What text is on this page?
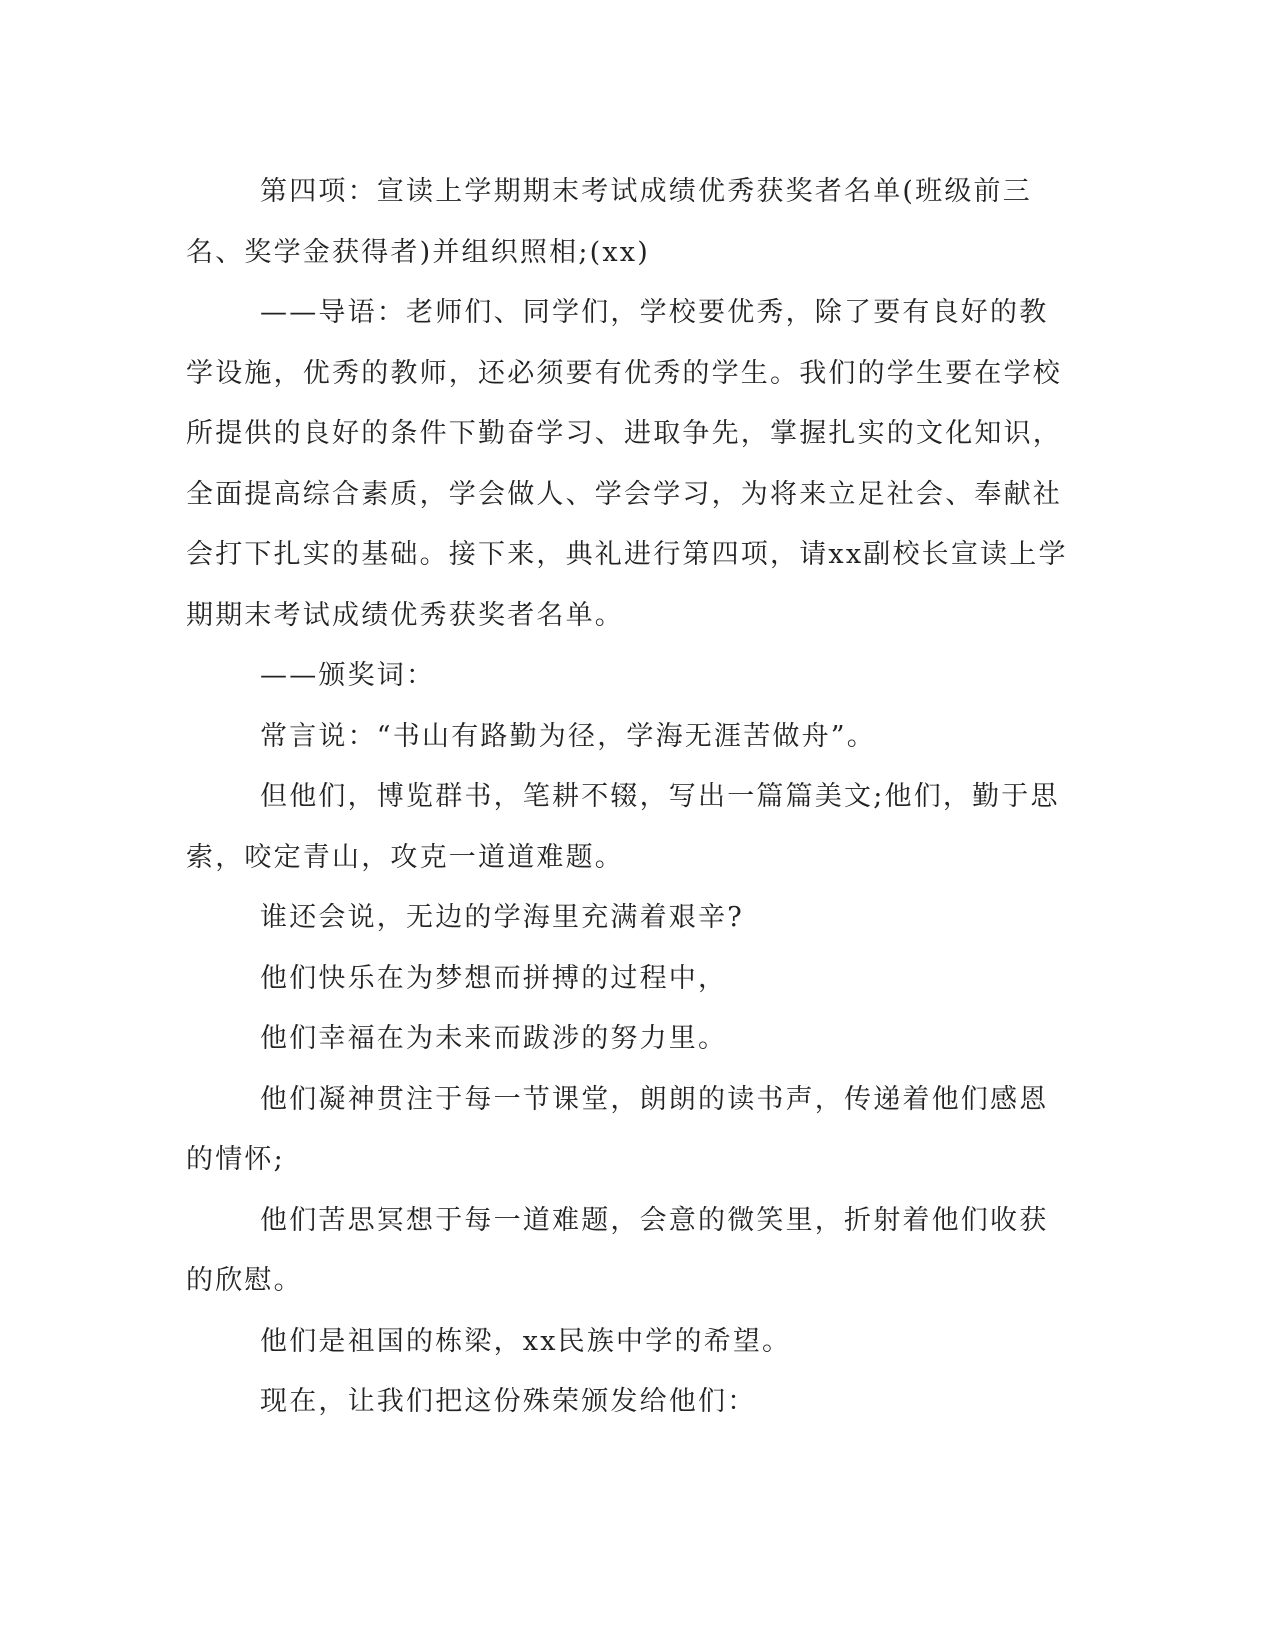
第四项：宣读上学期期末考试成绩优秀获奖者名单(班级前三名、奖学金获得者)并组织照相;(xx)

——导语：老师们、同学们，学校要优秀，除了要有良好的教学设施，优秀的教师，还必须要有优秀的学生。我们的学生要在学校所提供的良好的条件下勤奋学习、进取争先，掌握扎实的文化知识，全面提高综合素质，学会做人、学会学习，为将来立足社会、奉献社会打下扎实的基础。接下来，典礼进行第四项，请xx副校长宣读上学期期末考试成绩优秀获奖者名单。

——颁奖词：

常言说：“书山有路勤为径，学海无涯苦做舟”。

但他们，博览群书，笔耕不辍，写出一篇篇美文;他们，勤于思索，咬定青山，攻克一道道难题。

谁还会说，无边的学海里充满着艰辛?

他们快乐在为梦想而拼搏的过程中，

他们幸福在为未来而跋涉的努力里。

他们凝神贯注于每一节课堂，朗朗的读书声，传递着他们感恩的情怀;

他们苦思冥想于每一道难题，会意的微笑里，折射着他们收获的欣慰。

他们是祖国的栋梁，xx民族中学的希望。

现在，让我们把这份殊荣颁发给他们：
